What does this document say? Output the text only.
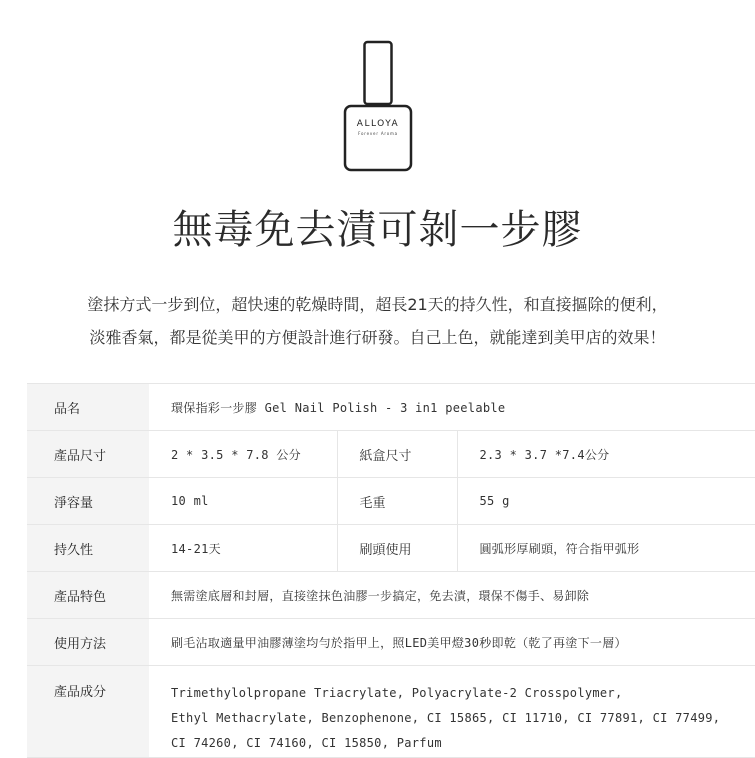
ALLOYA
Forever Aroma
無毒免去漬可剝一步膠
塗抹方式一步到位，超快速的乾燥時間，超長21天的持久性，和直接摳除的便利，
淡雅香氣，都是從美甲的方便設計進行研發。自己上色，就能達到美甲店的效果！
品名	環保指彩一步膠 Gel Nail Polish - 3 in1 peelable		
產品尺寸	2 * 3.5 * 7.8 公分	紙盒尺寸	2.3 * 3.7 *7.4公分
淨容量	10 ml	毛重	55 g
持久性	14-21天	刷頭使用	圓弧形厚刷頭，符合指甲弧形
產品特色	無需塗底層和封層，直接塗抹色油膠一步搞定，免去漬，環保不傷手、易卸除		
使用方法	刷毛沾取適量甲油膠薄塗均勻於指甲上，照LED美甲燈30秒即乾（乾了再塗下一層）		
產品成分	Trimethylolpropane Triacrylate, Polyacrylate-2 Crosspolymer,
Ethyl Methacrylate, Benzophenone, CI 15865, CI 11710, CI 77891, CI 77499,
CI 74260, CI 74160, CI 15850, Parfum		
